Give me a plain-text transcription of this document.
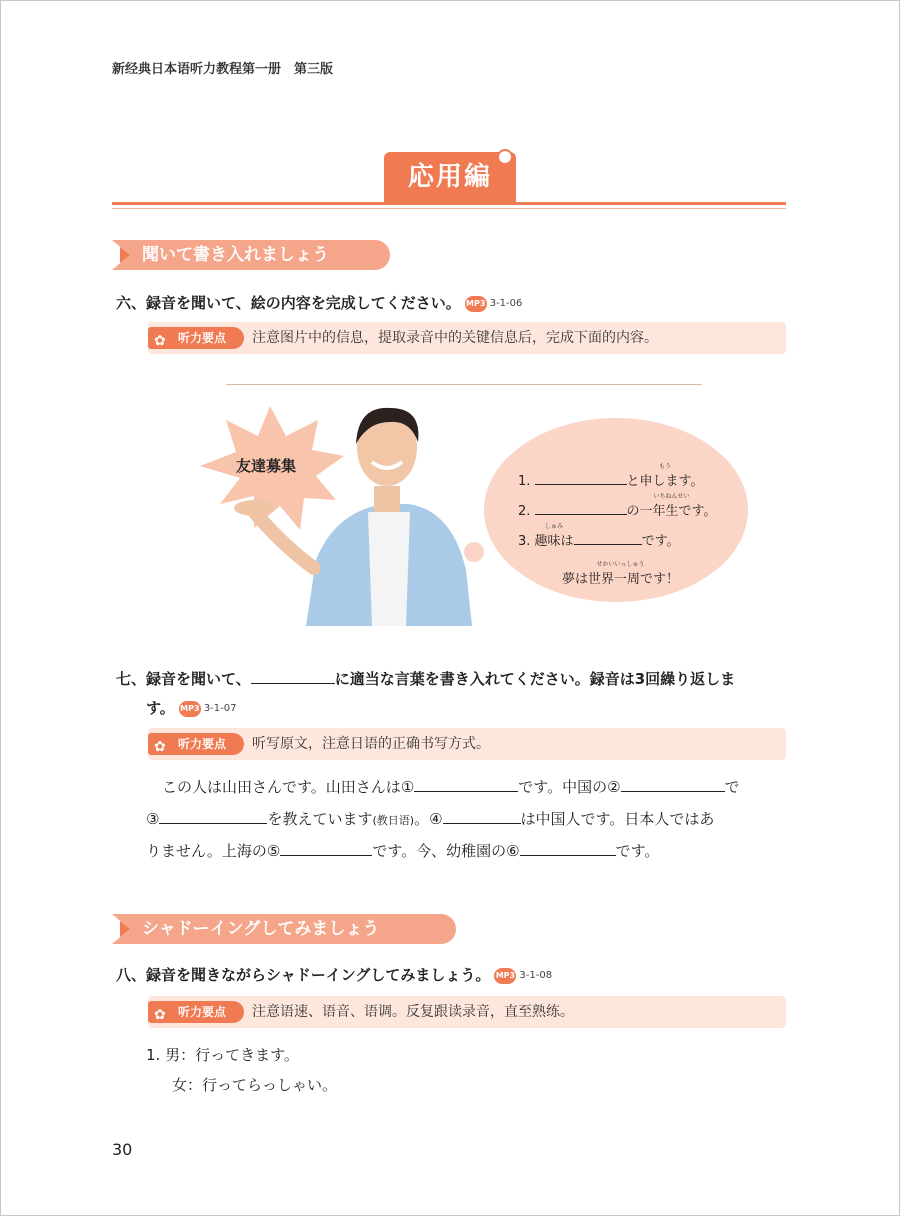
新经典日本语听力教程第一册　第三版
応用編
聞いて書き入れましょう
六、録音を聞いて、絵の内容を完成してください。 MP3 3-1-06
✿ 听力要点	注意图片中的信息，提取录音中的关键信息后，完成下面的内容。
友達募集
1.
もう
と申します。
2.
いちねんせい
の一年生です。
3.
しゅみ
趣味は	です。
せかいいっしゅう
夢は世界一周です！
七、録音を聞いて、	に適当な言葉を書き入れてください。録音は3回繰り返しま
す。 MP3 3-1-07
✿ 听力要点	听写原文，注意日语的正确书写方式。
この人は山田さんです。山田さんは①	です。中国の②	で
③	を教えています(教日语)。④	は中国人です。日本人ではあ
りません。上海の⑤	です。今、幼稚園の⑥	です。
シャドーイングしてみましょう
八、録音を聞きながらシャドーイングしてみましょう。 MP3 3-1-08
✿ 听力要点	注意语速、语音、语调。反复跟读录音，直至熟练。
1. 男：行ってきます。
女：行ってらっしゃい。
30
